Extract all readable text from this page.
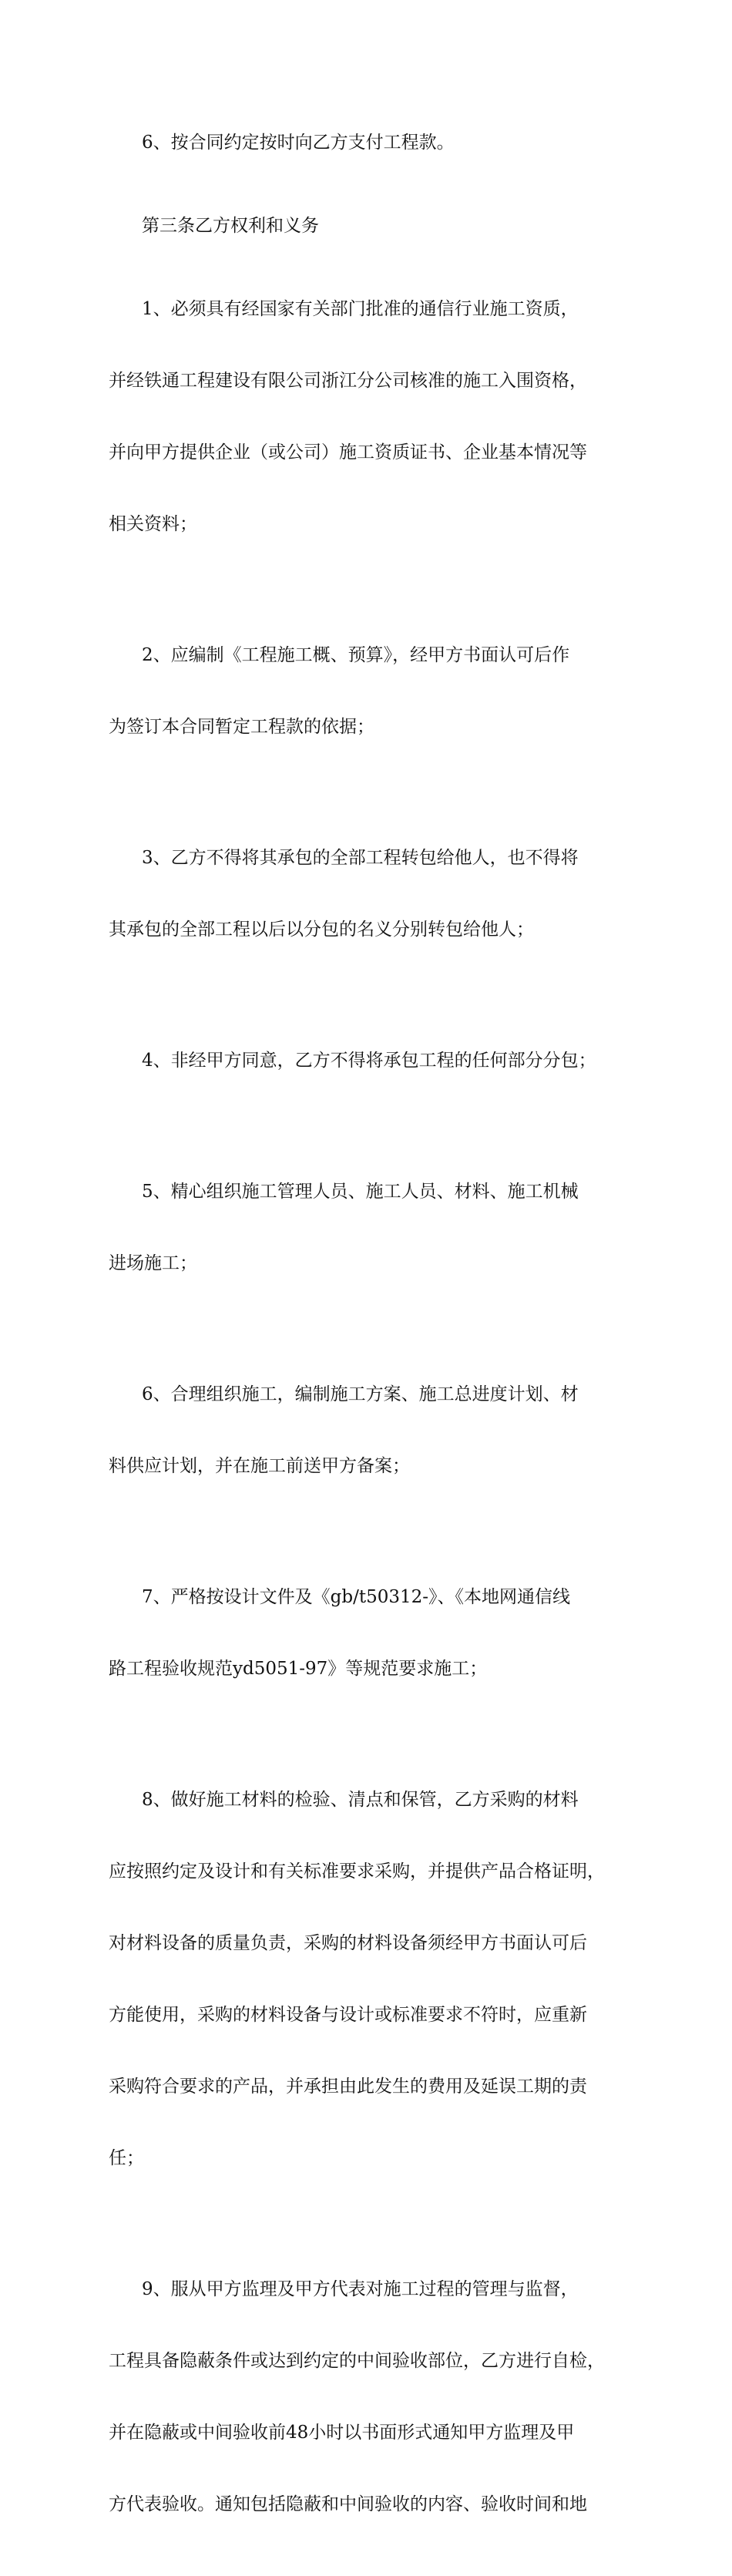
6、按合同约定按时向乙方支付工程款。

第三条乙方权利和义务

1、必须具有经国家有关部门批准的通信行业施工资质，

并经铁通工程建设有限公司浙江分公司核准的施工入围资格，

并向甲方提供企业（或公司）施工资质证书、企业基本情况等

相关资料；

2、应编制《工程施工概、预算》，经甲方书面认可后作

为签订本合同暂定工程款的依据；

3、乙方不得将其承包的全部工程转包给他人，也不得将

其承包的全部工程以后以分包的名义分别转包给他人；

4、非经甲方同意，乙方不得将承包工程的任何部分分包；

5、精心组织施工管理人员、施工人员、材料、施工机械

进场施工；

6、合理组织施工，编制施工方案、施工总进度计划、材

料供应计划，并在施工前送甲方备案；

7、严格按设计文件及《gb/t50312-》、《本地网通信线

路工程验收规范yd5051-97》等规范要求施工；

8、做好施工材料的检验、清点和保管，乙方采购的材料

应按照约定及设计和有关标准要求采购，并提供产品合格证明，

对材料设备的质量负责，采购的材料设备须经甲方书面认可后

方能使用，采购的材料设备与设计或标准要求不符时，应重新

采购符合要求的产品，并承担由此发生的费用及延误工期的责

任；

9、服从甲方监理及甲方代表对施工过程的管理与监督，

工程具备隐蔽条件或达到约定的中间验收部位，乙方进行自检，

并在隐蔽或中间验收前48小时以书面形式通知甲方监理及甲

方代表验收。通知包括隐蔽和中间验收的内容、验收时间和地
